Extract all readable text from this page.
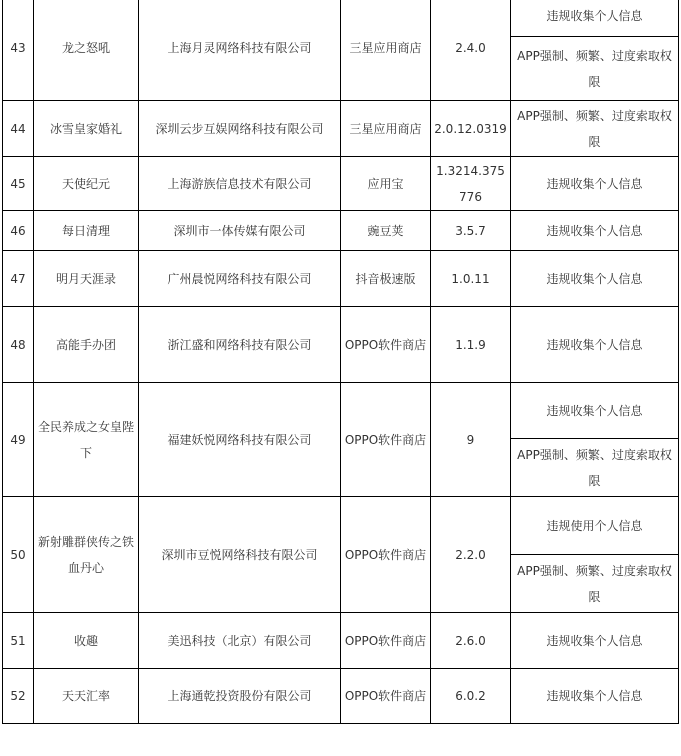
43	龙之怒吼	上海月灵网络科技有限公司	三星应用商店	2.4.0	违规收集个人信息
					APP强制、频繁、过度索取权限
44	冰雪皇家婚礼	深圳云步互娱网络科技有限公司	三星应用商店	2.0.12.0319	APP强制、频繁、过度索取权限
45	天使纪元	上海游族信息技术有限公司	应用宝	1.3214.375776	违规收集个人信息
46	每日清理	深圳市一体传媒有限公司	豌豆荚	3.5.7	违规收集个人信息
47	明月天涯录	广州晨悦网络科技有限公司	抖音极速版	1.0.11	违规收集个人信息
48	高能手办团	浙江盛和网络科技有限公司	OPPO软件商店	1.1.9	违规收集个人信息
49	全民养成之女皇陛下	福建妖悦网络科技有限公司	OPPO软件商店	9	违规收集个人信息
					APP强制、频繁、过度索取权限
50	新射雕群侠传之铁血丹心	深圳市豆悦网络科技有限公司	OPPO软件商店	2.2.0	违规使用个人信息
					APP强制、频繁、过度索取权限
51	收趣	美迅科技（北京）有限公司	OPPO软件商店	2.6.0	违规收集个人信息
52	天天汇率	上海通乾投资股份有限公司	OPPO软件商店	6.0.2	违规收集个人信息
